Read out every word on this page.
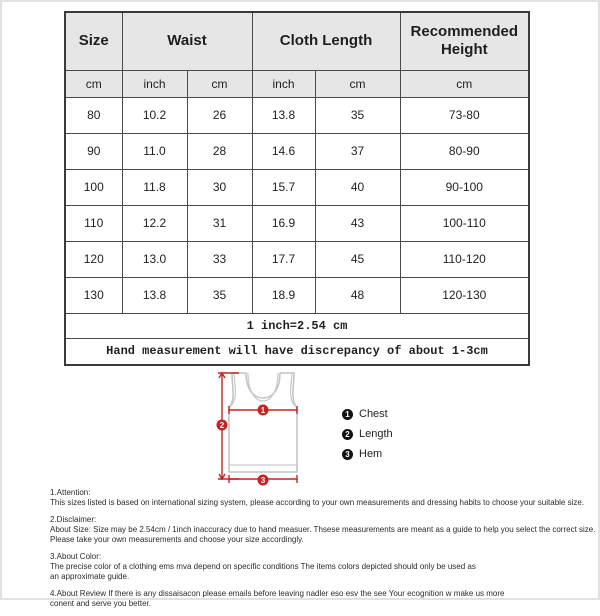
Size	Waist		Cloth Length		Recommended Height
cm	inch	cm	inch	cm	cm
80	10.2	26	13.8	35	73-80
90	11.0	28	14.6	37	80-90
100	11.8	30	15.7	40	90-100
110	12.2	31	16.9	43	100-110
120	13.0	33	17.7	45	110-120
130	13.8	35	18.9	48	120-130
1 inch=2.54 cm					
Hand measurement will have discrepancy of about 1-3cm					
1
2
3
1 Chest
2 Length
3 Hem
1.Attention:
This sizes listed is based on international sizing system, please according to your own measurements and dressing habits to choose your suitable size.
2.Disclaimer:
About Size: Size may be 2.54cm / 1inch inaccuracy due to hand measuer. Thsese measurements are meant as a guide to help you select the correct size.
Please take your own measurements and choose your size accordingly.
3.About Color:
The precise color of a clothing ems mva depend on specific conditions The items colors depicted should only be used as
an approximate guide.
4.About Review If there is any dissaisacon please emails before leaving nadler eso esv the see Your ecognition w make us more
conent and serve you better.
